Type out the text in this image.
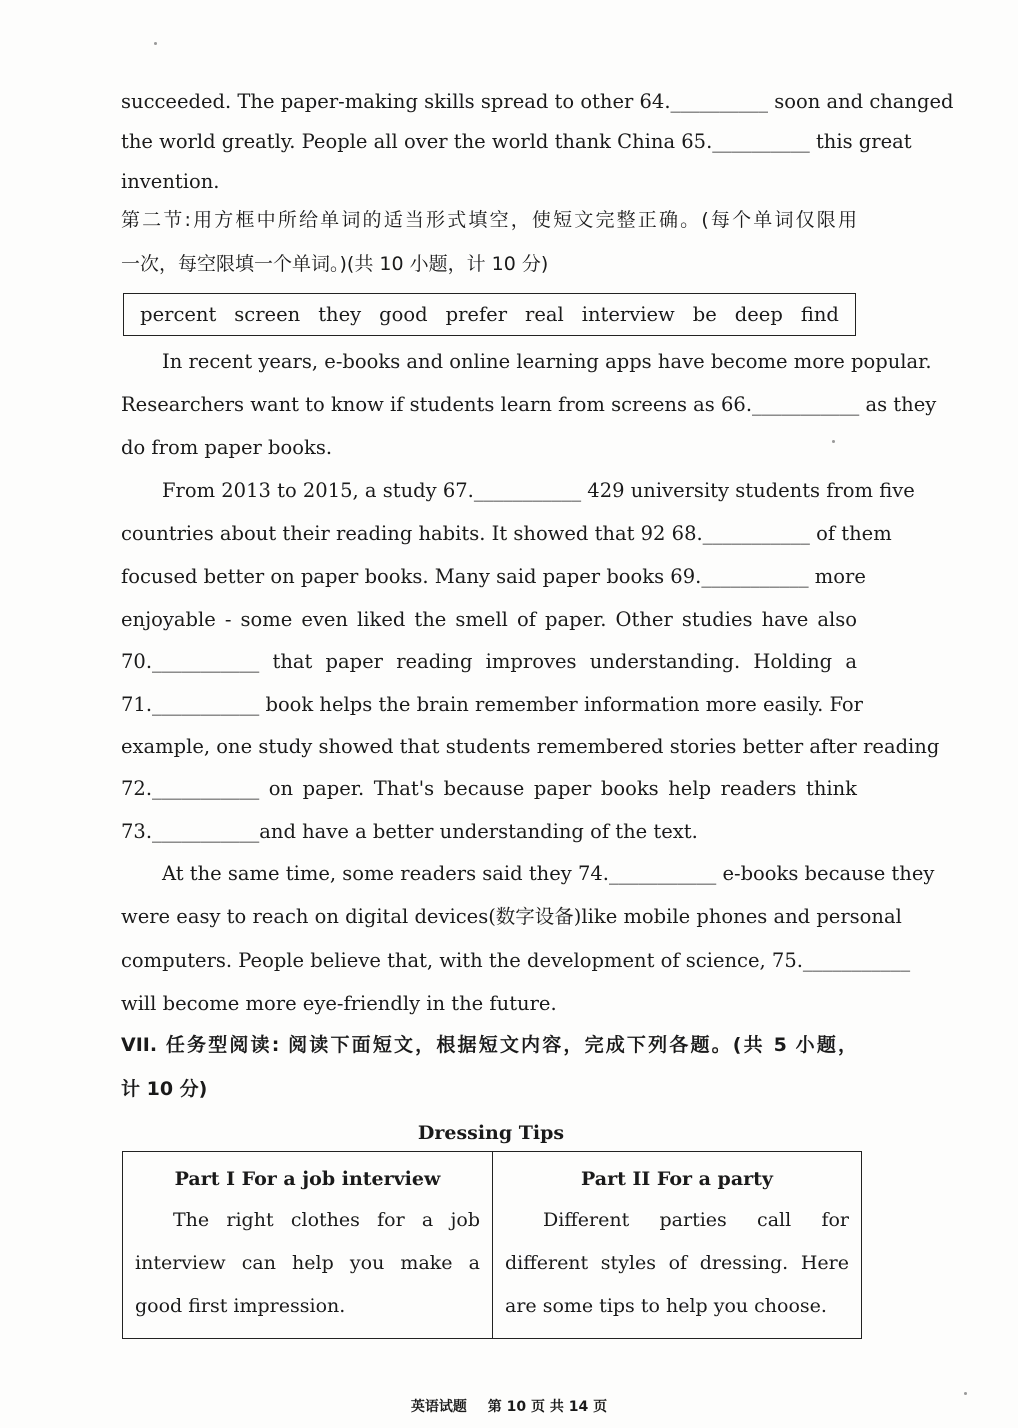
succeeded. The paper-making skills spread to other 64.__________ soon and changed
the world greatly. People all over the world thank China 65.__________ this great
invention.
第二节:用方框中所给单词的适当形式填空，使短文完整正确。(每个单词仅限用
一次，每空限填一个单词。)(共 10 小题，计 10 分)
percent screen they good prefer real interview be deep find
In recent years, e-books and online learning apps have become more popular.
Researchers want to know if students learn from screens as 66.___________ as they
do from paper books.
From 2013 to 2015, a study 67.___________ 429 university students from five
countries about their reading habits. It showed that 92 68.___________ of them
focused better on paper books. Many said paper books 69.___________ more
enjoyable - some even liked the smell of paper. Other studies have also
70.___________ that paper reading improves understanding. Holding a
71.___________ book helps the brain remember information more easily. For
example, one study showed that students remembered stories better after reading
72.___________ on paper. That's because paper books help readers think
73.___________and have a better understanding of the text.
At the same time, some readers said they 74.___________ e-books because they
were easy to reach on digital devices(数字设备)like mobile phones and personal
computers. People believe that, with the development of science, 75.___________
will become more eye-friendly in the future.
VII. 任务型阅读: 阅读下面短文，根据短文内容，完成下列各题。(共 5 小题，
计 10 分)
Dressing Tips
Part I For a job interview
The right clothes for a job interview can help you make a good first impression.
Part II For a party
Different parties call for different styles of dressing. Here are some tips to help you choose.
英语试题 第 10 页 共 14 页
